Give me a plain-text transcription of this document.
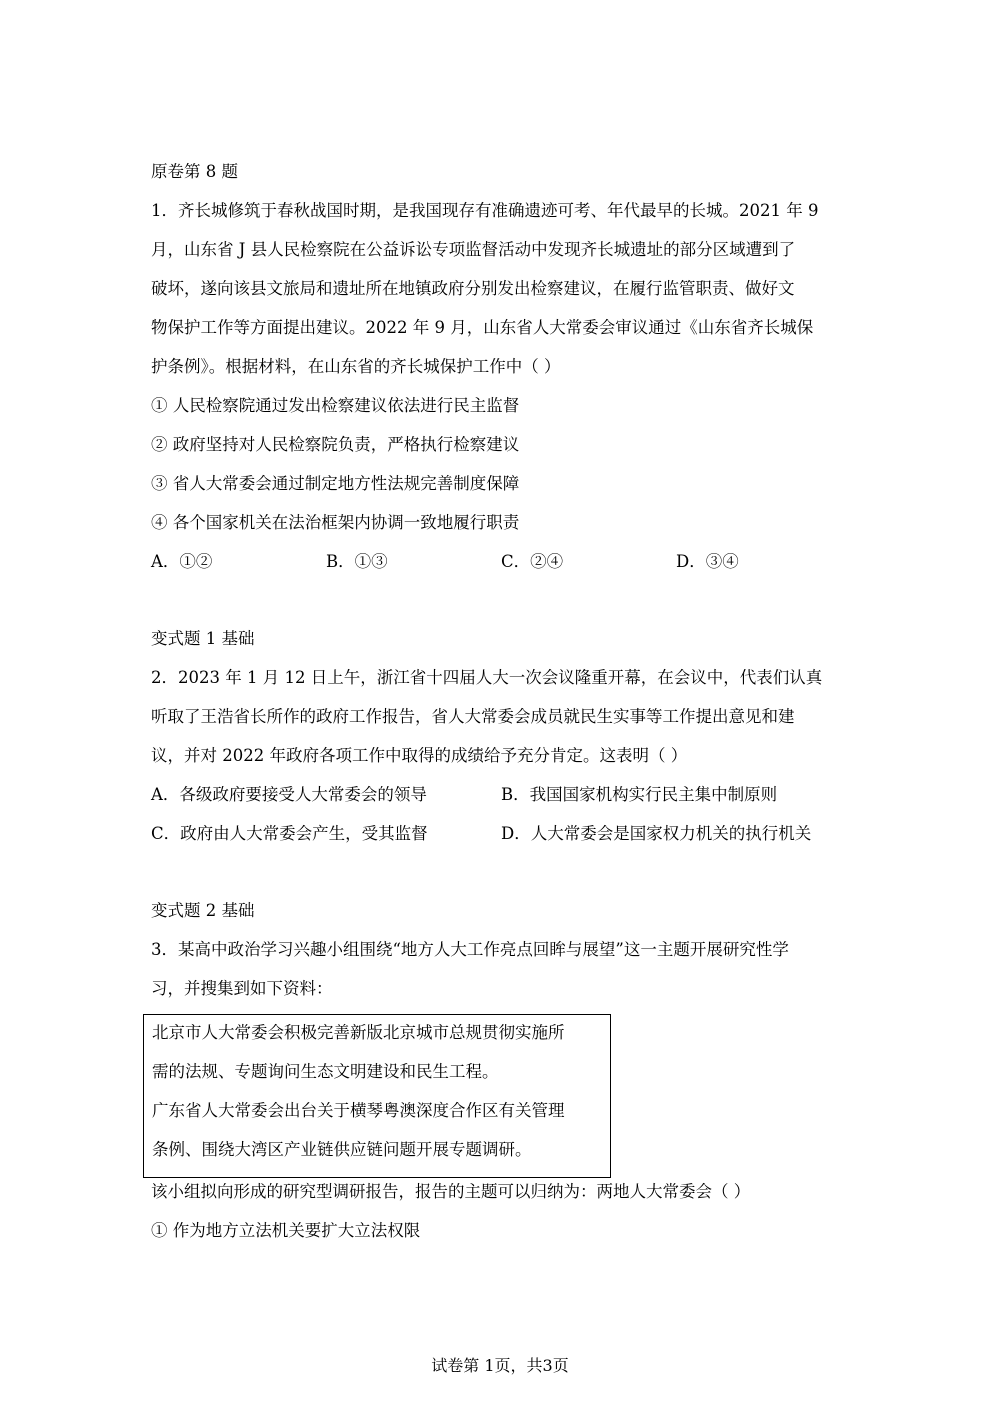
原卷第 8 题
1．齐长城修筑于春秋战国时期，是我国现存有准确遗迹可考、年代最早的长城。2021 年 9
月，山东省 J 县人民检察院在公益诉讼专项监督活动中发现齐长城遗址的部分区域遭到了
破坏，遂向该县文旅局和遗址所在地镇政府分别发出检察建议，在履行监管职责、做好文
物保护工作等方面提出建议。2022 年 9 月，山东省人大常委会审议通过《山东省齐长城保
护条例》。根据材料，在山东省的齐长城保护工作中（ ）
① 人民检察院通过发出检察建议依法进行民主监督
② 政府坚持对人民检察院负责，严格执行检察建议
③ 省人大常委会通过制定地方性法规完善制度保障
④ 各个国家机关在法治框架内协调一致地履行职责
A．①②	B．①③	C．②④	D．③④
变式题 1 基础
2．2023 年 1 月 12 日上午，浙江省十四届人大一次会议隆重开幕，在会议中，代表们认真
听取了王浩省长所作的政府工作报告，省人大常委会成员就民生实事等工作提出意见和建
议，并对 2022 年政府各项工作中取得的成绩给予充分肯定。这表明（ ）
A．各级政府要接受人大常委会的领导	B．我国国家机构实行民主集中制原则
C．政府由人大常委会产生，受其监督	D．人大常委会是国家权力机关的执行机关
变式题 2 基础
3．某高中政治学习兴趣小组围绕“地方人大工作亮点回眸与展望”这一主题开展研究性学
习，并搜集到如下资料：
北京市人大常委会积极完善新版北京城市总规贯彻实施所
需的法规、专题询问生态文明建设和民生工程。
广东省人大常委会出台关于横琴粤澳深度合作区有关管理
条例、围绕大湾区产业链供应链问题开展专题调研。
该小组拟向形成的研究型调研报告，报告的主题可以归纳为：两地人大常委会（ ）
① 作为地方立法机关要扩大立法权限
试卷第 1页，共3页
